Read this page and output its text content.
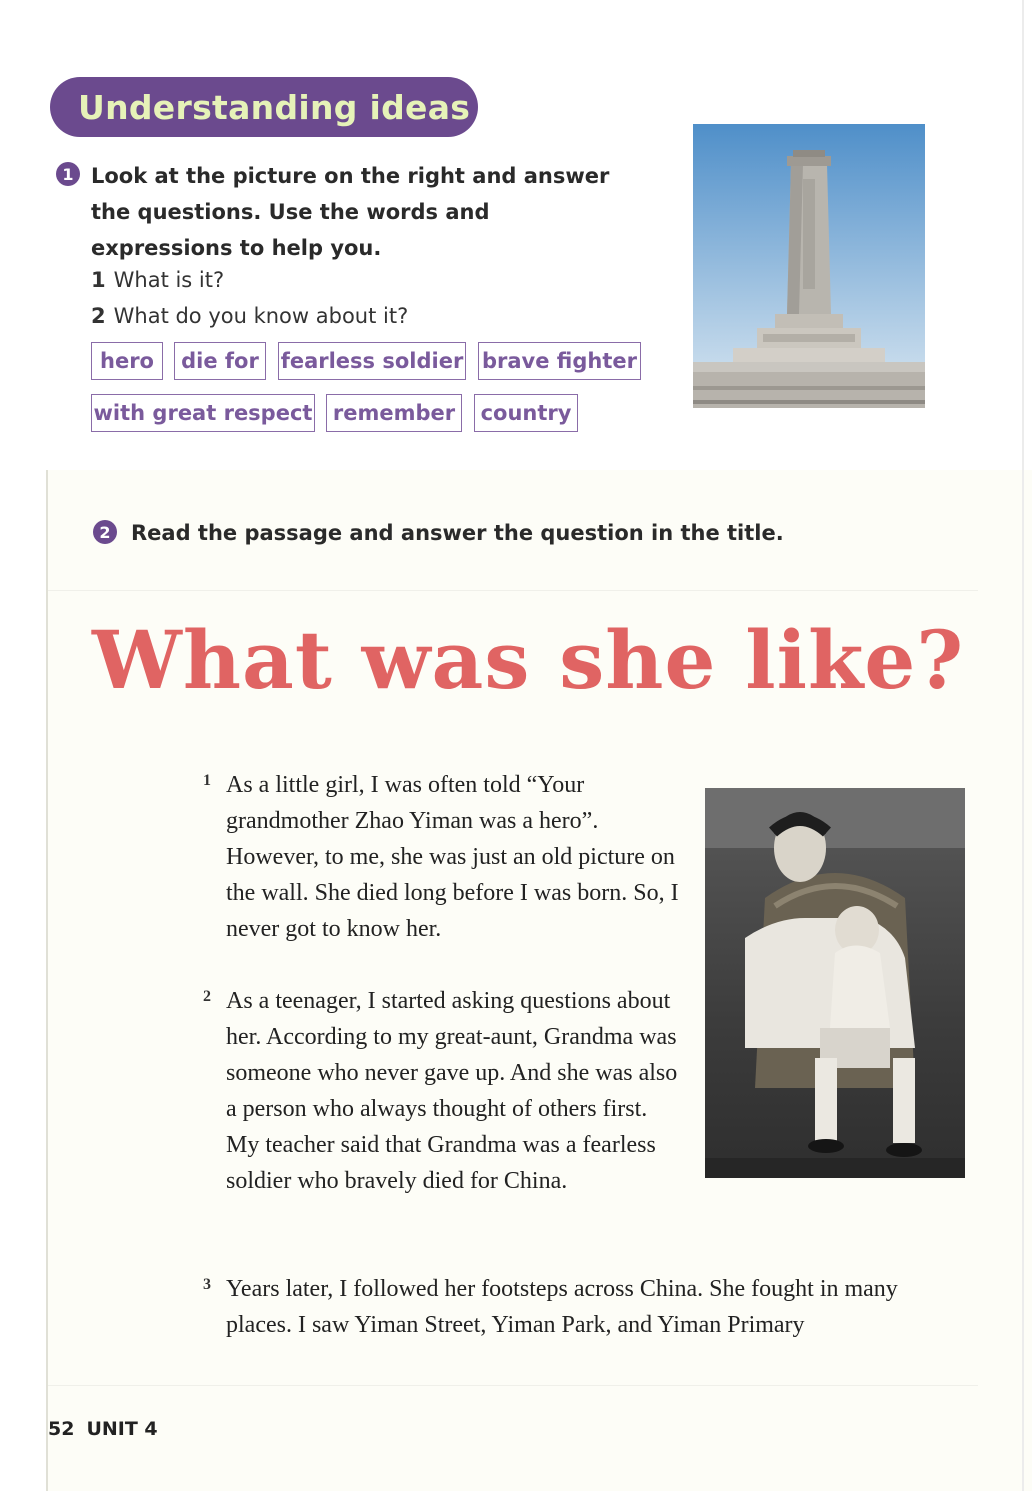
Understanding ideas
1 Look at the picture on the right and answer the questions. Use the words and expressions to help you.
1 What is it?
2 What do you know about it?
hero	die for	fearless soldier brave fighter
with great respect remember	country
2 Read the passage and answer the question in the title.
What was she like?
1 As a little girl, I was often told “Your grandmother Zhao Yiman was a hero”. However, to me, she was just an old picture on the wall. She died long before I was born. So, I never got to know her.
2 As a teenager, I started asking questions about her. According to my great-aunt, Grandma was someone who never gave up. And she was also a person who always thought of others first. My teacher said that Grandma was a fearless soldier who bravely died for China.
3 Years later, I followed her footsteps across China. She fought in many places. I saw Yiman Street, Yiman Park, and Yiman Primary
52 UNIT 4
